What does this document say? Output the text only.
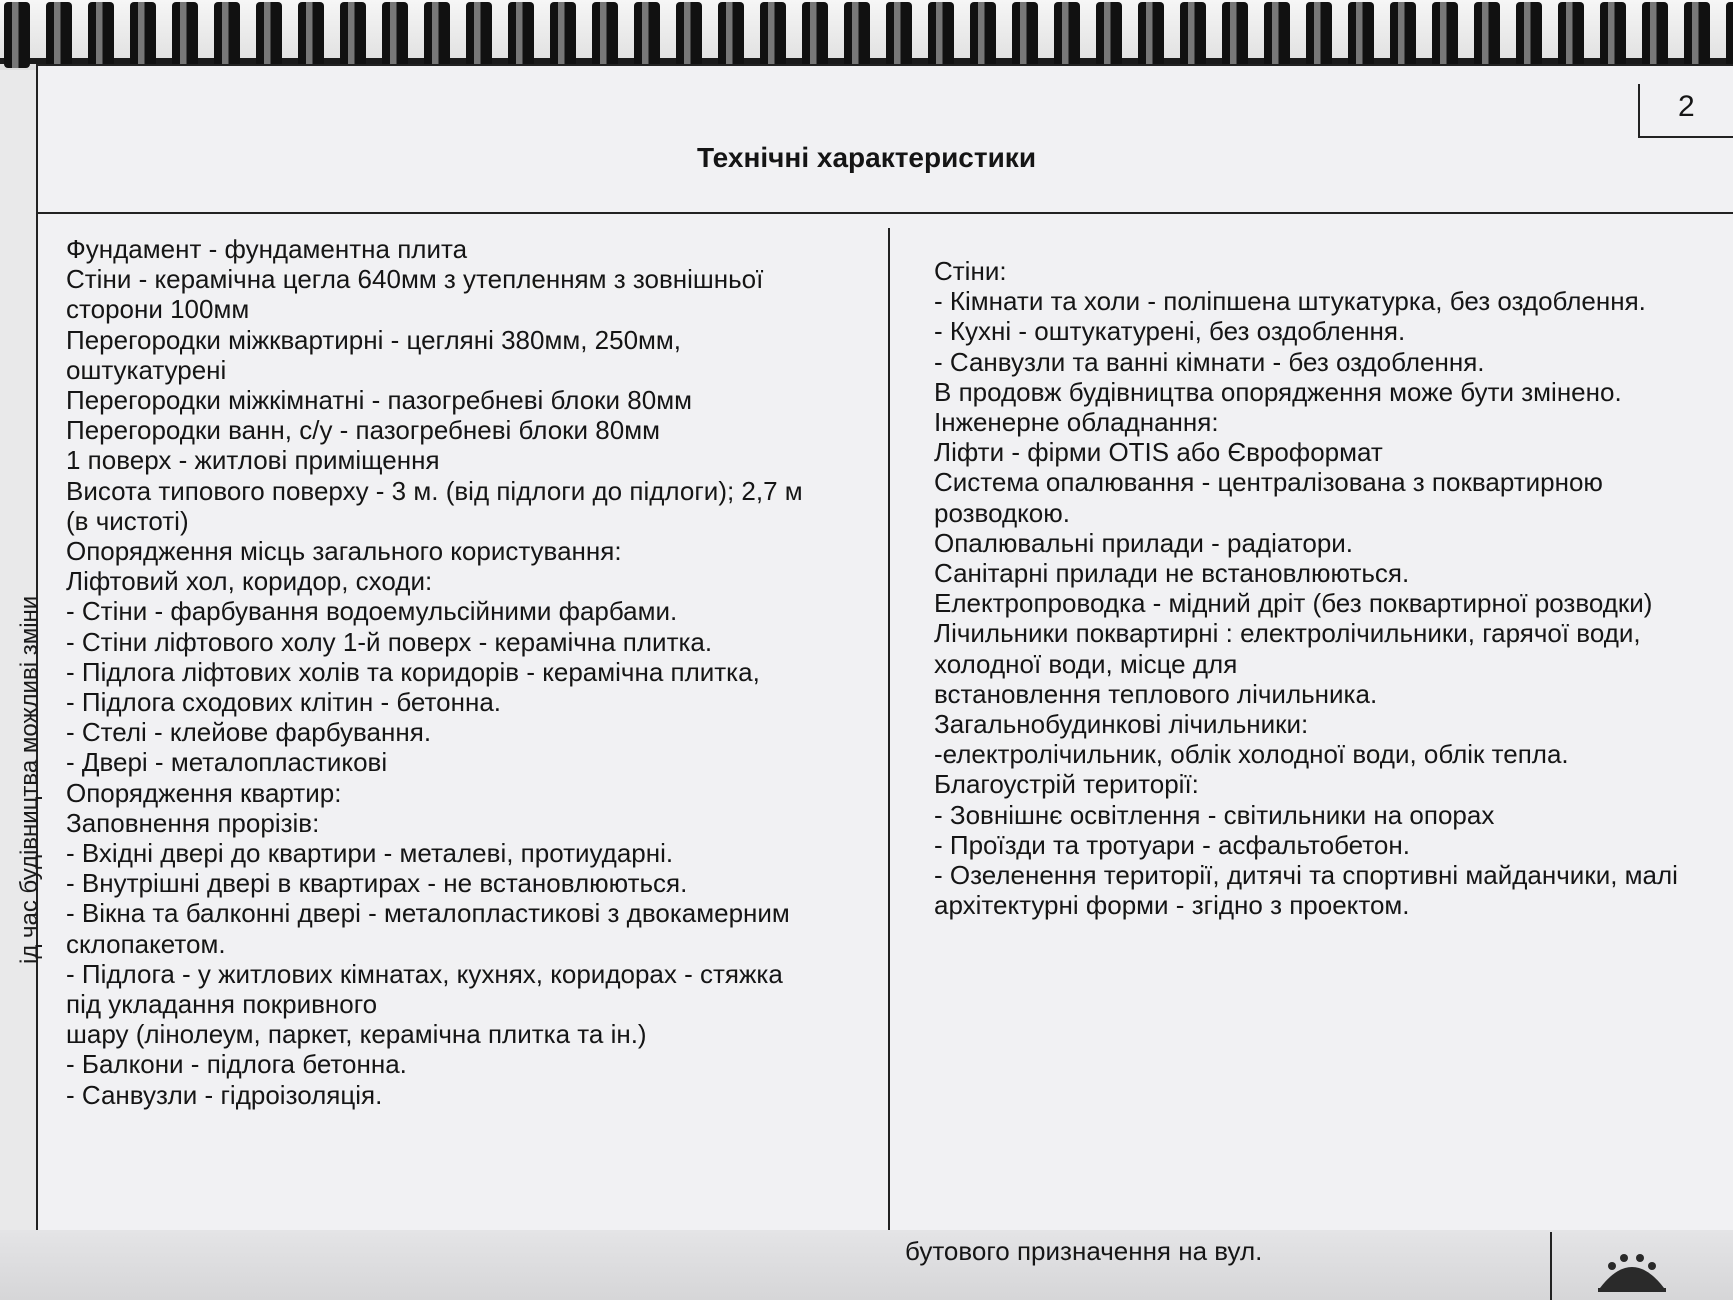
2
Технічні характеристики
ід час будівництва можливі зміни
Фундамент - фундаментна плита
Стіни - керамічна цегла 640мм з утепленням з зовнішньої
сторони 100мм
Перегородки міжквартирні - цегляні 380мм, 250мм,
оштукатурені
Перегородки міжкімнатні - пазогребневі блоки 80мм
Перегородки ванн, с/у - пазогребневі блоки 80мм
1 поверх - житлові приміщення
Висота типового поверху - 3 м. (від підлоги до підлоги); 2,7 м
(в чистоті)
Опорядження місць загального користування:
Ліфтовий хол, коридор, сходи:
- Стіни - фарбування водоемульсійними фарбами.
- Стіни ліфтового холу 1-й поверх - керамічна плитка.
- Підлога ліфтових холів та коридорів - керамічна плитка,
- Підлога сходових клітин - бетонна.
- Стелі - клейове фарбування.
- Двері - металопластикові
Опорядження квартир:
Заповнення прорізів:
- Вхідні двері до квартири - металеві, протиударні.
- Внутрішні двері в квартирах - не встановлюються.
- Вікна та балконні двері - металопластикові з двокамерним
склопакетом.
- Підлога - у житлових кімнатах, кухнях, коридорах - стяжка
під укладання покривного
шару (лінолеум, паркет, керамічна плитка та ін.)
- Балкони - підлога бетонна.
- Санвузли - гідроізоляція.
Стіни:
- Кімнати та холи - поліпшена штукатурка, без оздоблення.
- Кухні - оштукатурені, без оздоблення.
- Санвузли та ванні кімнати - без оздоблення.
В продовж будівництва опорядження може бути змінено.
Інженерне обладнання:
Ліфти - фірми OTIS або Євроформат
Система опалювання - централізована з поквартирною
розводкою.
Опалювальні прилади - радіатори.
Санітарні прилади не встановлюються.
Електропроводка - мідний дріт (без поквартирної розводки)
Лічильники поквартирні : електролічильники, гарячої води,
холодної води, місце для
встановлення теплового лічильника.
Загальнобудинкові лічильники:
-електролічильник, облік холодної води, облік тепла.
Благоустрій території:
- Зовнішнє освітлення - світильники на опорах
- Проїзди та тротуари - асфальтобетон.
- Озеленення території, дитячі та спортивні майданчики, малі
архітектурні форми - згідно з проектом.
бутового призначення на вул.
